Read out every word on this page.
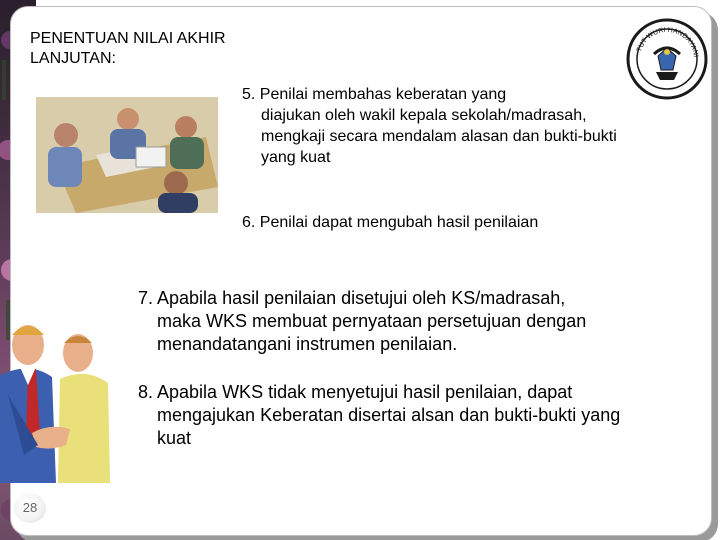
PENENTUAN NILAI AKHIR
LANJUTAN:
TUT WURI HANDAYANI
5. Penilai membahas keberatan yang
diajukan oleh wakil kepala sekolah/madrasah, mengkaji secara mendalam alasan dan bukti-bukti yang kuat
6. Penilai dapat mengubah hasil penilaian
7. Apabila hasil penilaian disetujui oleh KS/madrasah,
maka WKS membuat pernyataan persetujuan dengan menandatangani instrumen penilaian.
8. Apabila WKS tidak menyetujui hasil penilaian, dapat
mengajukan Keberatan disertai alsan dan bukti-bukti yang kuat
28
